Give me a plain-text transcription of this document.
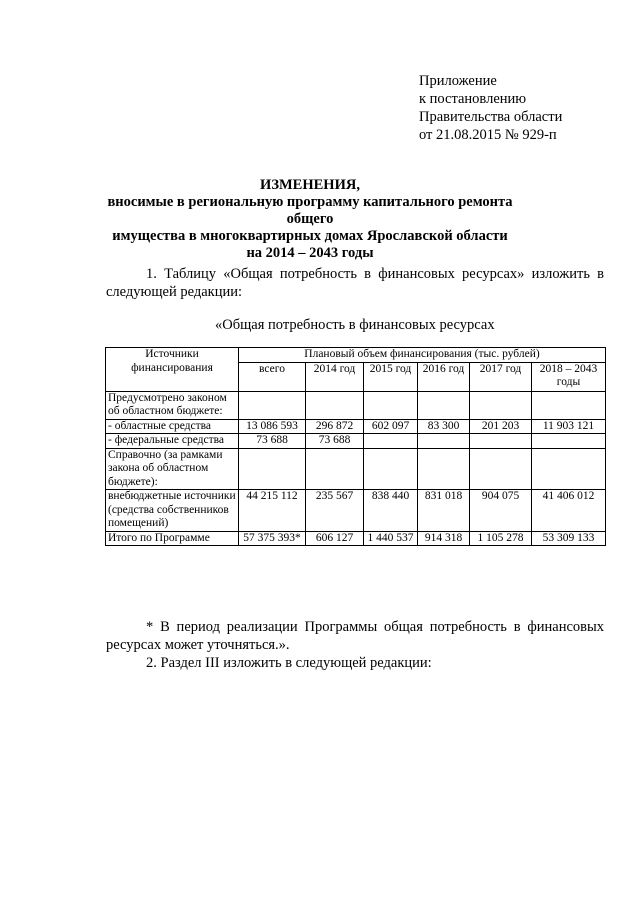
Приложение
к постановлению
Правительства области
от 21.08.2015 № 929-п
ИЗМЕНЕНИЯ,
вносимые в региональную программу капитального ремонта общего
имущества в многоквартирных домах Ярославской области
на 2014 – 2043 годы
1. Таблицу «Общая потребность в финансовых ресурсах» изложить в следующей редакции:
«Общая потребность в финансовых ресурсах
Источники финансирования	Плановый объем финансирования (тыс. рублей)					
	всего	2014 год	2015 год	2016 год	2017 год	2018 – 2043 годы
Предусмотрено законом об областном бюджете:						
- областные средства	13 086 593	296 872	602 097	83 300	201 203	11 903 121
- федеральные средства	73 688	73 688				
Справочно (за рамками закона об областном бюджете):						
внебюджетные источники (средства собственников помещений)	44 215 112	235 567	838 440	831 018	904 075	41 406 012
Итого по Программе	57 375 393*	606 127	1 440 537	914 318	1 105 278	53 309 133
* В период реализации Программы общая потребность в финансовых ресурсах может уточняться.».
2. Раздел III изложить в следующей редакции:
